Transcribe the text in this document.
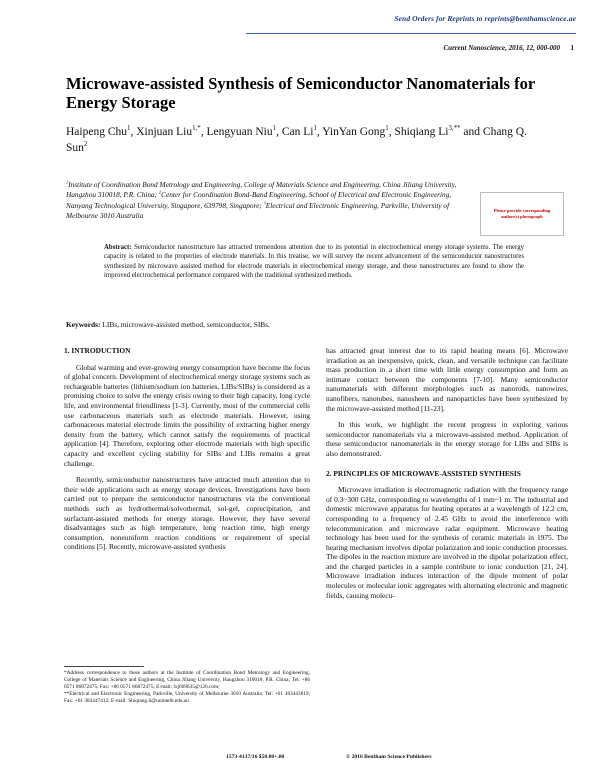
Send Orders for Reprints to reprints@benthamscience.ae
Current Nanoscience, 2016, 12, 000-000 1
Microwave-assisted Synthesis of Semiconductor Nanomaterials for Energy Storage
Haipeng Chu$^1$, Xinjuan Liu$^{1,*}$, Lengyuan Niu$^1$, Can Li$^1$, YinYan Gong$^1$, Shiqiang $Li^{3,**}$ and Chang Q. Sun$^2$
$^1$Institute of Coordination Bond Metrology and Engineering, College of Materials Science and Engineering, China Jiliang University, Hangzhou 310018, P.R. China; $^2$Center for Coordination Bond-Band Engineering, School of Electrical and Electronic Engineering, Nanyang Technological University, Singapore, 639798, Singapore; $^3$Electrical and Electronic Engineering, Parkville, University of Melbourne 3010 Australia
Please provide corresponding author(s) photograph
Abstract: Semiconductor nanostructure has attracted tremendous attention due to its potential in electrochemical energy storage systems. The energy capacity is related to the properties of electrode materials. In this treatise, we will survey the recent advancement of the semiconductor nanostructures synthesized by microwave assisted method for electrode materials in electrochemical energy storage, and these nanostructures are found to show the improved electrochemical performance compared with the traditional synthesized methods.
Keywords: LIBs, microwave-assisted method, semiconductor, SIBs.
1. INTRODUCTION
Global warming and ever-growing energy consumption have become the focus of global concern. Development of electrochemical energy storage systems such as rechargeable batteries (lithium/sodium ion batteries, LIBs/SIBs) is considered as a promising choice to solve the energy crisis owing to their high capacity, long cycle life, and environmental friendliness [1-3]. Currently, most of the commercial cells use carbonaceous materials such as electrode materials. However, using carbonaceous material electrode limits the possibility of extracting higher energy density from the battery, which cannot satisfy the requirements of practical application [4]. Therefore, exploring other electrode materials with high specific capacity and excellent cycling stability for SIBs and LIBs remains a great challenge.
Recently, semiconductor nanostructures have attracted much attention due to their wide applications such as energy storage devices. Investigations have been carried out to prepare the semiconductor nanostructures via the conventional methods such as hydrothermal/solvothermal, sol-gel, coprecipitation, and surfactant-assisted methods for energy storage. However, they have several disadvantages such as high temperature, long reaction time, high energy consumption, noneuniform reaction conditions or requirement of special conditions [5]. Recently, microwave-assisted synthesis
has attracted great interest due to its rapid heating means [6]. Microwave irradiation as an inexpensive, quick, clean, and versatile technique can facilitate mass production in a short time with little energy consumption and form an intimate contact between the components [7-10]. Many semiconductor nanomaterials with different morphologies such as nanorods, nanowires, nanofibers, nanotubes, nanosheets and nanoparticles have been synthesized by the microwave-assisted method [11-23].
In this work, we highlight the recent progress in exploring various semiconductor nanomaterials via a microwave-assisted method. Application of these semiconductor nanomaterials in the energy storage for LIBs and SIBs is also demonstrated.
2. PRINCIPLES OF MICROWAVE-ASSISTED SYNTHESIS
Microwave irradiation is electromagnetic radiation with the frequency range of 0.3~300 GHz, corresponding to wavelengths of 1 mm~1 m. The industrial and domestic microwave apparatus for heating operates at a wavelength of 12.2 cm, corresponding to a frequency of 2.45 GHz to avoid the interference with telecommunication and microwave radar equipment. Microwave heating technology has been used for the synthesis of ceramic materials in 1975. The heating mechanism involves dipolar polarization and ionic conduction processes. The dipoles in the reaction mixture are involved in the dipolar polarization effect, and the charged particles in a sample contribute to ionic conduction [21, 24]. Microwave irradiation induces interaction of the dipole moment of polar molecules or molecular ionic aggregates with alternating electronic and magnetic fields, causing molecu-
*Address correspondence to these authors at the Institute of Coordination Bond Metrology and Engineering, College of Materials Science and Engineering, China Jiliang University, Hangzhou 310018, P.R. China; Tel: +86 0571 86872475; Fax: +86 0571 86872475; E-mail: lxj669635@126.com;
**Electrical and Electronic Engineering, Parkville, University of Melbourne 3010 Australia; Tel: +61 383443819; Fax: +61 383447412; E-mail: Shiqiang.li@unimelb.edu.au
1573-4137/16 $58.00+.00	© 2016 Bentham Science Publishers
